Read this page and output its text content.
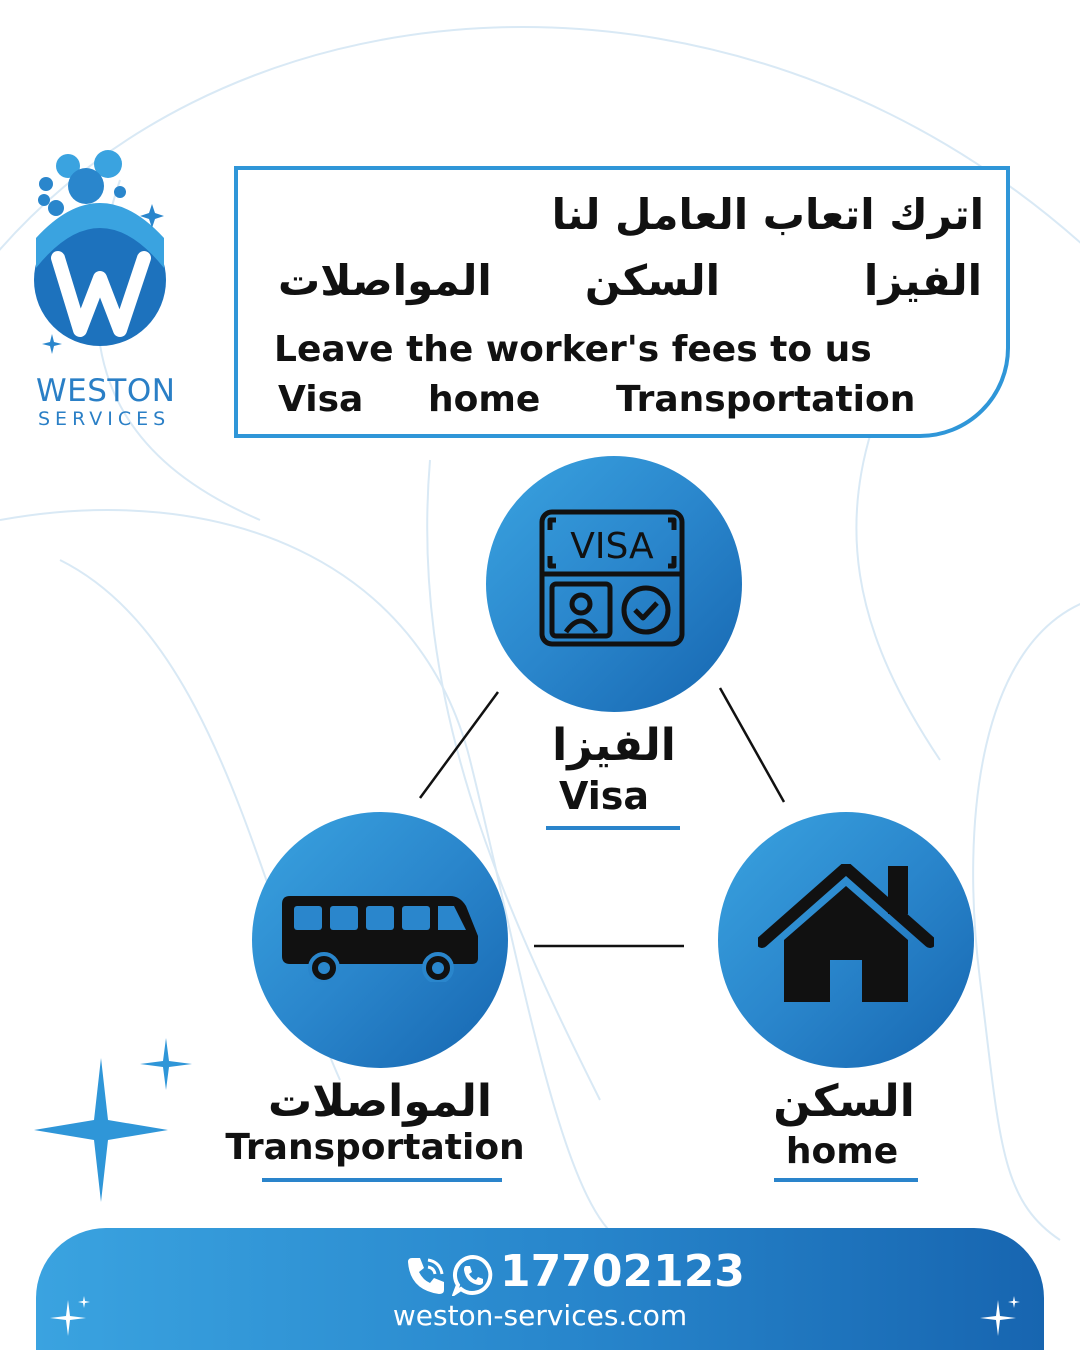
WESTON
SERVICES
اترك اتعاب العامل لنا
الفيزا
السكن
المواصلات
Leave the worker's fees to us
Visa home Transportation
VISA
الفيزا
Visa
المواصلات
Transportation
السكن
home
17702123
weston-services.com
